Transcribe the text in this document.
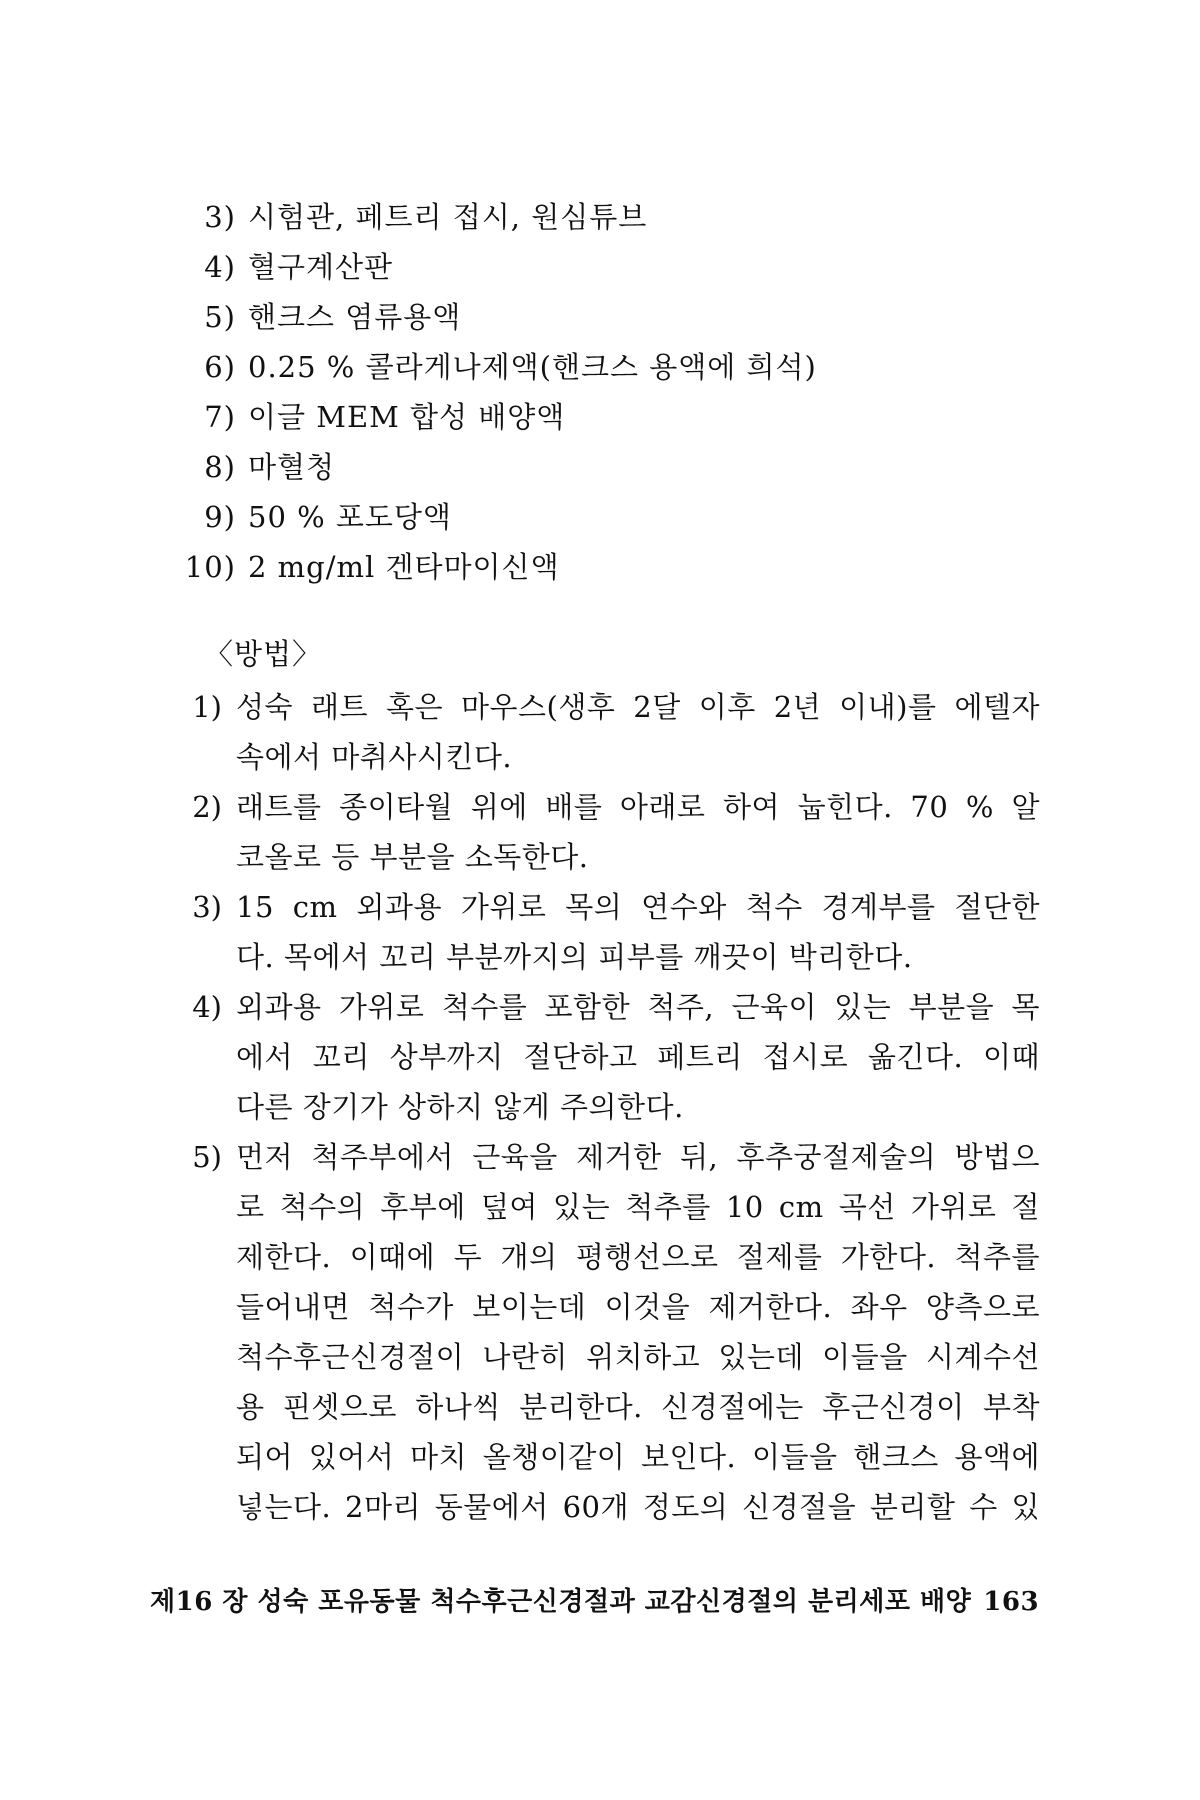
3) 시험관, 페트리 접시, 원심튜브
4) 혈구계산판
5) 핸크스 염류용액
6) 0.25 % 콜라게나제액(핸크스 용액에 희석)
7) 이글 MEM 합성 배양액
8) 마혈청
9) 50 % 포도당액
10) 2 mg/ml 겐타마이신액
〈방법〉
1) 성숙 래트 혹은 마우스(생후 2달 이후 2년 이내)를 에텔자
속에서 마취사시킨다.
2) 래트를 종이타월 위에 배를 아래로 하여 눕힌다. 70 % 알
코올로 등 부분을 소독한다.
3) 15 cm 외과용 가위로 목의 연수와 척수 경계부를 절단한
다. 목에서 꼬리 부분까지의 피부를 깨끗이 박리한다.
4) 외과용 가위로 척수를 포함한 척주, 근육이 있는 부분을 목
에서 꼬리 상부까지 절단하고 페트리 접시로 옮긴다. 이때
다른 장기가 상하지 않게 주의한다.
5) 먼저 척주부에서 근육을 제거한 뒤, 후추궁절제술의 방법으
로 척수의 후부에 덮여 있는 척추를 10 cm 곡선 가위로 절
제한다. 이때에 두 개의 평행선으로 절제를 가한다. 척추를
들어내면 척수가 보이는데 이것을 제거한다. 좌우 양측으로
척수후근신경절이 나란히 위치하고 있는데 이들을 시계수선
용 핀셋으로 하나씩 분리한다. 신경절에는 후근신경이 부착
되어 있어서 마치 올챙이같이 보인다. 이들을 핸크스 용액에
넣는다. 2마리 동물에서 60개 정도의 신경절을 분리할 수 있
제16 장 성숙 포유동물 척수후근신경절과 교감신경절의 분리세포 배양 163
